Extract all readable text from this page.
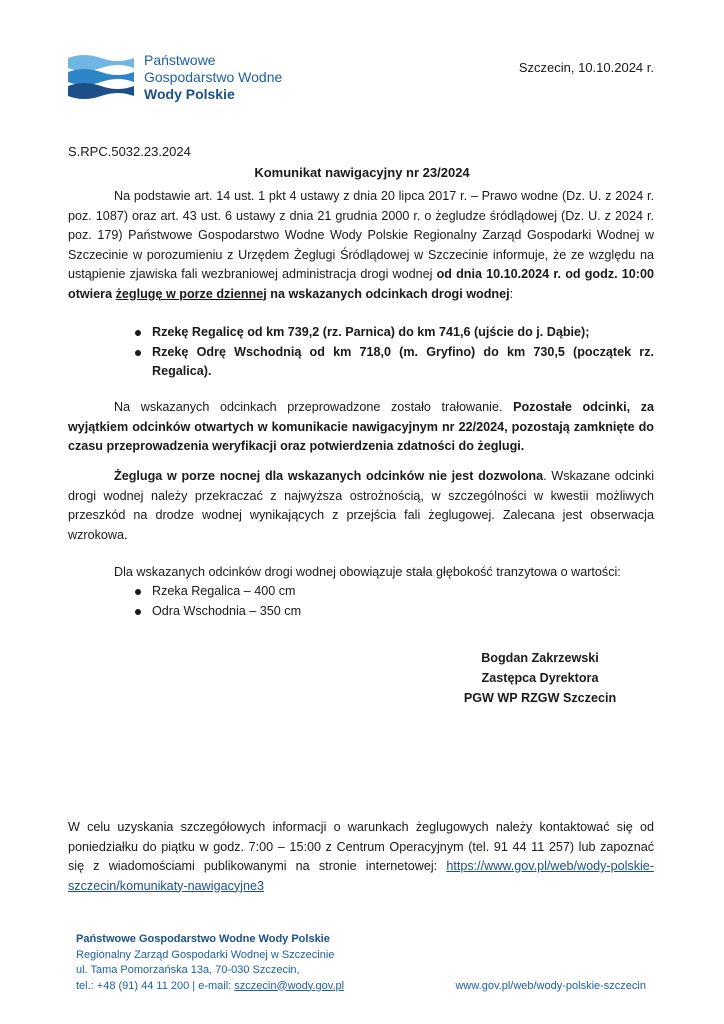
Państwowe
Gospodarstwo Wodne
Wody Polskie
Szczecin, 10.10.2024 r.
S.RPC.5032.23.2024
Komunikat nawigacyjny nr 23/2024
Na podstawie art. 14 ust. 1 pkt 4 ustawy z dnia 20 lipca 2017 r. – Prawo wodne (Dz. U. z 2024 r. poz. 1087) oraz art. 43 ust. 6 ustawy z dnia 21 grudnia 2000 r. o żegludze śródlądowej (Dz. U. z 2024 r. poz. 179) Państwowe Gospodarstwo Wodne Wody Polskie Regionalny Zarząd Gospodarki Wodnej w Szczecinie w porozumieniu z Urzędem Żeglugi Śródlądowej w Szczecinie informuje, że ze względu na ustąpienie zjawiska fali wezbraniowej administracja drogi wodnej od dnia 10.10.2024 r. od godz. 10:00 otwiera żeglugę w porze dziennej na wskazanych odcinkach drogi wodnej:
Rzekę Regalicę od km 739,2 (rz. Parnica) do km 741,6 (ujście do j. Dąbie);
Rzekę Odrę Wschodnią od km 718,0 (m. Gryfino) do km 730,5 (początek rz. Regalica).
Na wskazanych odcinkach przeprowadzone zostało trałowanie. Pozostałe odcinki, za wyjątkiem odcinków otwartych w komunikacie nawigacyjnym nr 22/2024, pozostają zamknięte do czasu przeprowadzenia weryfikacji oraz potwierdzenia zdatności do żeglugi.
Żegluga w porze nocnej dla wskazanych odcinków nie jest dozwolona. Wskazane odcinki drogi wodnej należy przekraczać z najwyższa ostrożnością, w szczególności w kwestii możliwych przeszkód na drodze wodnej wynikających z przejścia fali żeglugowej. Zalecana jest obserwacja wzrokowa.
Dla wskazanych odcinków drogi wodnej obowiązuje stała głębokość tranzytowa o wartości:
Rzeka Regalica – 400 cm
Odra Wschodnia – 350 cm
Bogdan Zakrzewski
Zastępca Dyrektora
PGW WP RZGW Szczecin
W celu uzyskania szczegółowych informacji o warunkach żeglugowych należy kontaktować się od poniedziałku do piątku w godz. 7:00 – 15:00 z Centrum Operacyjnym (tel. 91 44 11 257) lub zapoznać się z wiadomościami publikowanymi na stronie internetowej: https://www.gov.pl/web/wody-polskie-szczecin/komunikaty-nawigacyjne3
Państwowe Gospodarstwo Wodne Wody Polskie
Regionalny Zarząd Gospodarki Wodnej w Szczecinie
ul. Tama Pomorzańska 13a, 70-030 Szczecin,
tel.: +48 (91) 44 11 200 | e-mail: szczecin@wody.gov.pl	www.gov.pl/web/wody-polskie-szczecin
